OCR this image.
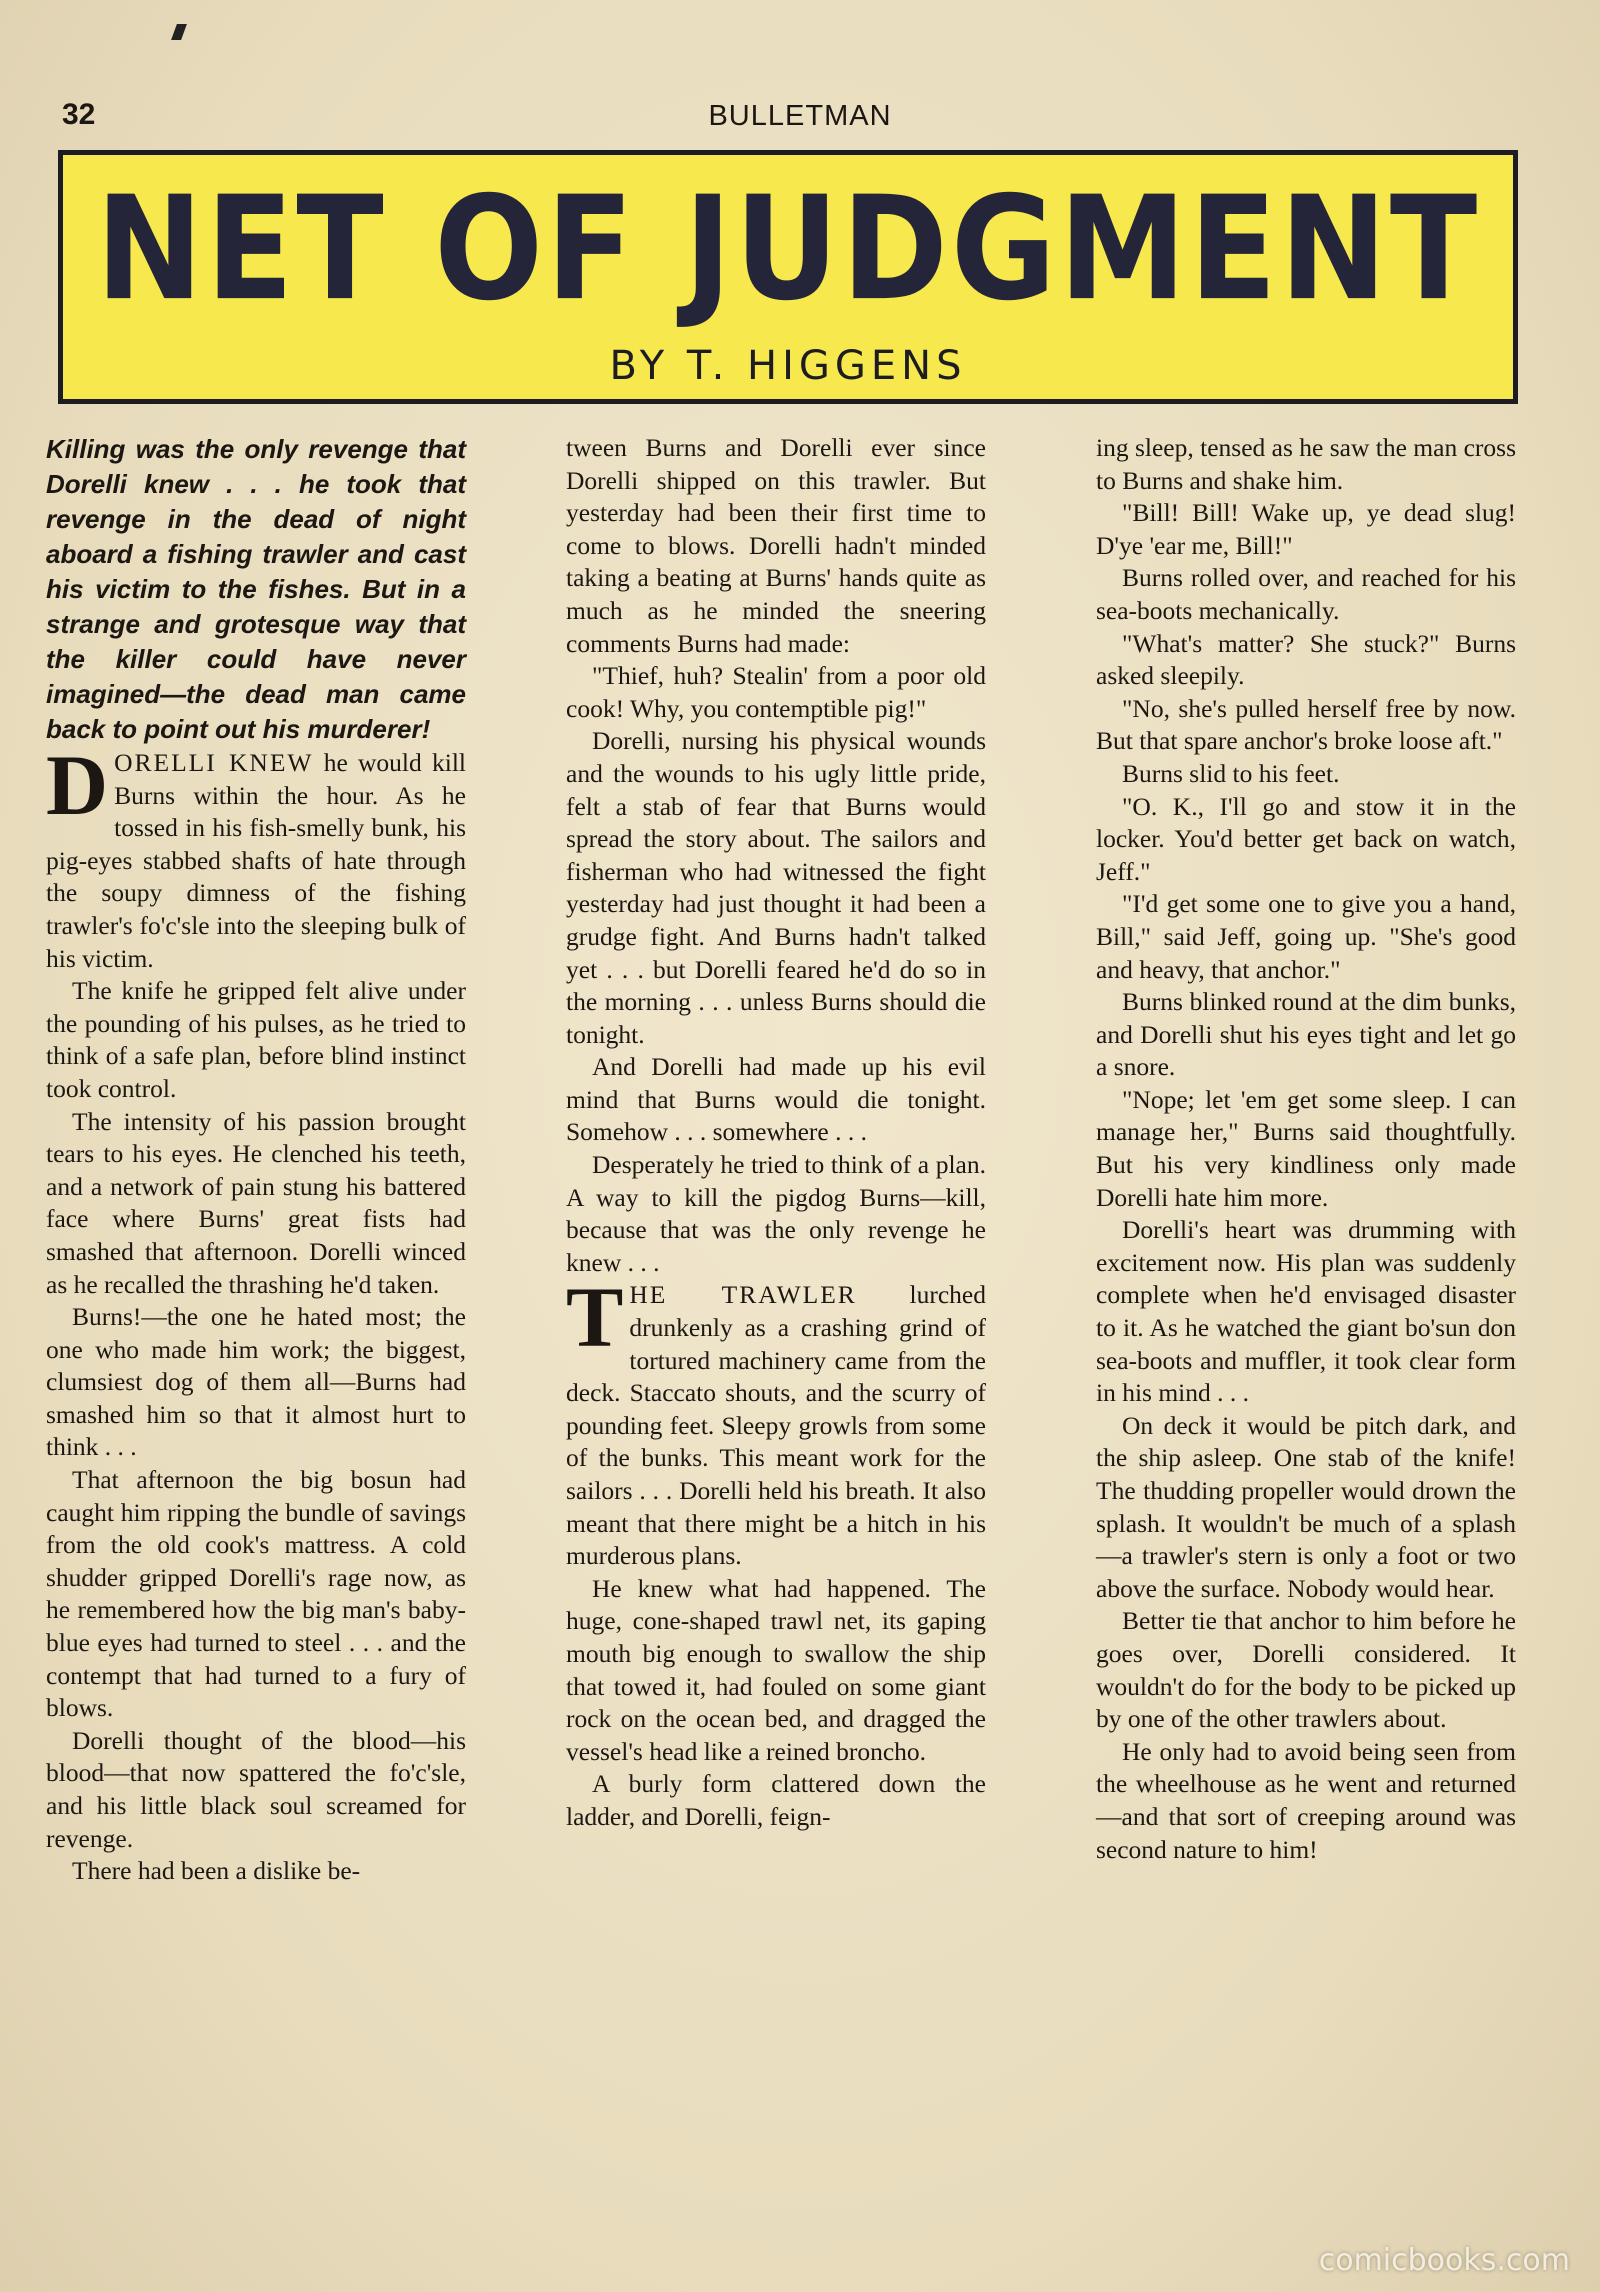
32	BULLETMAN
NET OF JUDGMENT
BY T. HIGGENS

Killing was the only revenge that Dorelli knew . . . he took that revenge in the dead of night aboard a fishing trawler and cast his victim to the fishes. But in a strange and grotesque way that the killer could have never imagined—the dead man came back to point out his murderer!

DORELLI KNEW he would kill Burns within the hour. As he tossed in his fish-smelly bunk, his pig-eyes stabbed shafts of hate through the soupy dimness of the fishing trawler's fo'c'sle into the sleeping bulk of his victim.

The knife he gripped felt alive under the pounding of his pulses, as he tried to think of a safe plan, before blind instinct took control.

The intensity of his passion brought tears to his eyes. He clenched his teeth, and a network of pain stung his battered face where Burns' great fists had smashed that afternoon. Dorelli winced as he recalled the thrashing he'd taken.

Burns!—the one he hated most; the one who made him work; the biggest, clumsiest dog of them all—Burns had smashed him so that it almost hurt to think . . .

That afternoon the big bosun had caught him ripping the bundle of savings from the old cook's mattress. A cold shudder gripped Dorelli's rage now, as he remembered how the big man's baby-blue eyes had turned to steel . . . and the contempt that had turned to a fury of blows.

Dorelli thought of the blood—his blood—that now spattered the fo'c'sle, and his little black soul screamed for revenge.

There had been a dislike be-

tween Burns and Dorelli ever since Dorelli shipped on this trawler. But yesterday had been their first time to come to blows. Dorelli hadn't minded taking a beating at Burns' hands quite as much as he minded the sneering comments Burns had made:

"Thief, huh? Stealin' from a poor old cook! Why, you contemptible pig!"

Dorelli, nursing his physical wounds and the wounds to his ugly little pride, felt a stab of fear that Burns would spread the story about. The sailors and fisherman who had witnessed the fight yesterday had just thought it had been a grudge fight. And Burns hadn't talked yet . . . but Dorelli feared he'd do so in the morning . . . unless Burns should die tonight.

And Dorelli had made up his evil mind that Burns would die tonight. Somehow . . . somewhere . . .

Desperately he tried to think of a plan. A way to kill the pigdog Burns—kill, because that was the only revenge he knew . . .

THE TRAWLER lurched drunkenly as a crashing grind of tortured machinery came from the deck. Staccato shouts, and the scurry of pounding feet. Sleepy growls from some of the bunks. This meant work for the sailors . . . Dorelli held his breath. It also meant that there might be a hitch in his murderous plans.

He knew what had happened. The huge, cone-shaped trawl net, its gaping mouth big enough to swallow the ship that towed it, had fouled on some giant rock on the ocean bed, and dragged the vessel's head like a reined broncho.

A burly form clattered down the ladder, and Dorelli, feign-

ing sleep, tensed as he saw the man cross to Burns and shake him.

"Bill! Bill! Wake up, ye dead slug! D'ye 'ear me, Bill!"

Burns rolled over, and reached for his sea-boots mechanically.

"What's matter? She stuck?" Burns asked sleepily.

"No, she's pulled herself free by now. But that spare anchor's broke loose aft."

Burns slid to his feet.

"O. K., I'll go and stow it in the locker. You'd better get back on watch, Jeff."

"I'd get some one to give you a hand, Bill," said Jeff, going up. "She's good and heavy, that anchor."

Burns blinked round at the dim bunks, and Dorelli shut his eyes tight and let go a snore.

"Nope; let 'em get some sleep. I can manage her," Burns said thoughtfully. But his very kindliness only made Dorelli hate him more.

Dorelli's heart was drumming with excitement now. His plan was suddenly complete when he'd envisaged disaster to it. As he watched the giant bo'sun don sea-boots and muffler, it took clear form in his mind . . .

On deck it would be pitch dark, and the ship asleep. One stab of the knife! The thudding propeller would drown the splash. It wouldn't be much of a splash—a trawler's stern is only a foot or two above the surface. Nobody would hear.

Better tie that anchor to him before he goes over, Dorelli considered. It wouldn't do for the body to be picked up by one of the other trawlers about.

He only had to avoid being seen from the wheelhouse as he went and returned—and that sort of creeping around was second nature to him!

comicbooks.com
